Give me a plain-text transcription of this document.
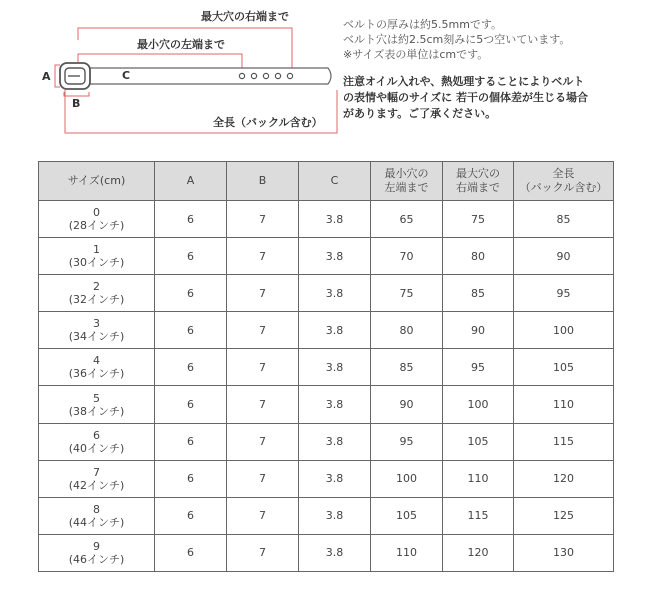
最大穴の右端まで
最小穴の左端まで
全長（バックル含む）
A
B
C
ベルトの厚みは約5.5mmです。
ベルト穴は約2.5cm刻みに5つ空いています。
※サイズ表の単位はcmです。
注意オイル入れや、熱処理することによりベルト
の表情や幅のサイズに 若干の個体差が生じる場合
があります。ご了承ください。
サイズ(cm)	A	B	C	最小穴の
左端まで	最大穴の
右端まで	全長
（バックル含む）
0
(28インチ)	6	7	3.8	65	75	85
1
(30インチ)	6	7	3.8	70	80	90
2
(32インチ)	6	7	3.8	75	85	95
3
(34インチ)	6	7	3.8	80	90	100
4
(36インチ)	6	7	3.8	85	95	105
5
(38インチ)	6	7	3.8	90	100	110
6
(40インチ)	6	7	3.8	95	105	115
7
(42インチ)	6	7	3.8	100	110	120
8
(44インチ)	6	7	3.8	105	115	125
9
(46インチ)	6	7	3.8	110	120	130
